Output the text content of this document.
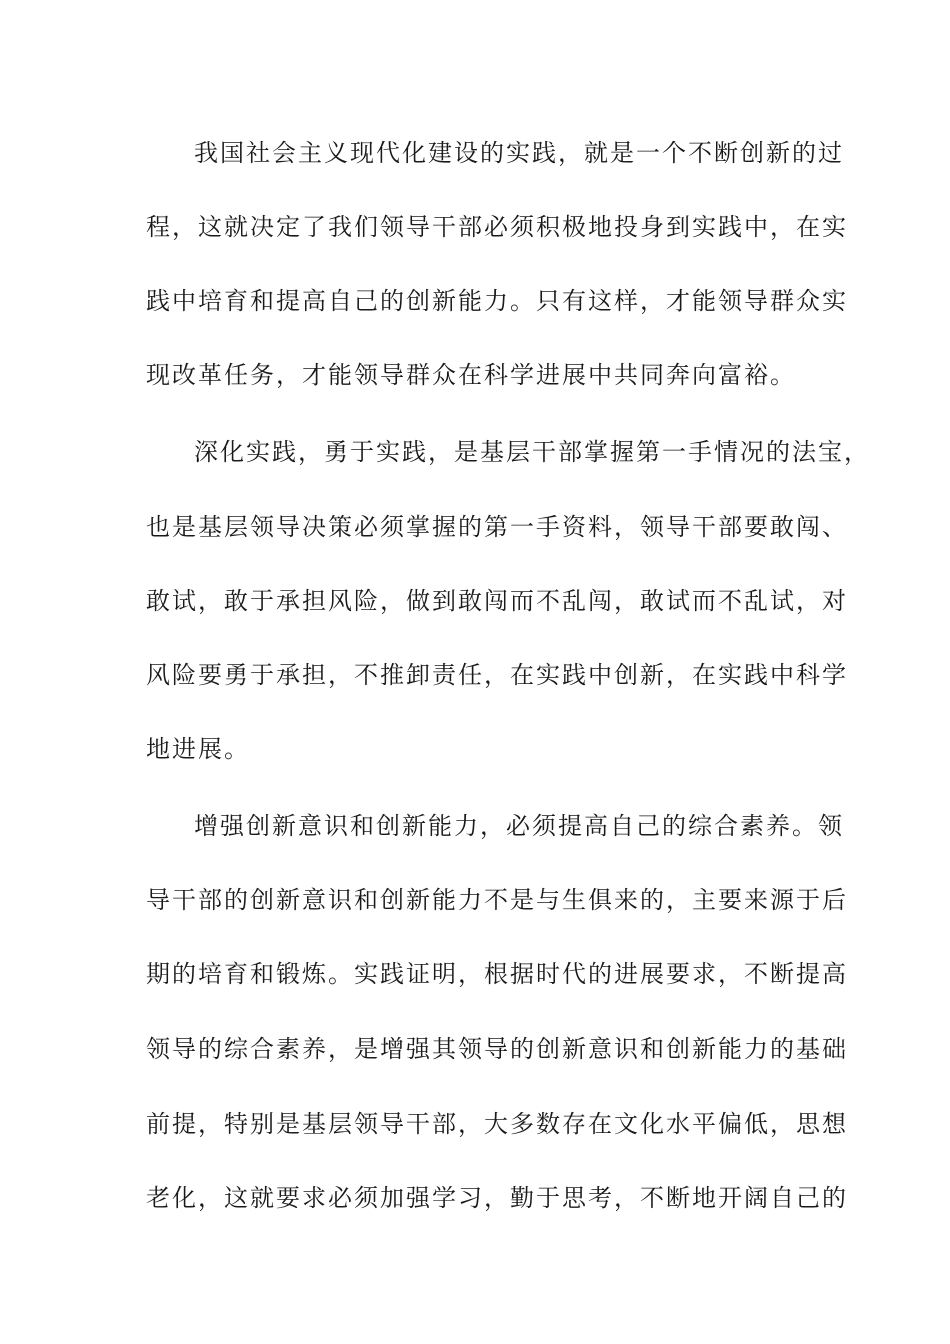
我国社会主义现代化建设的实践，就是一个不断创新的过
程，这就决定了我们领导干部必须积极地投身到实践中，在实
践中培育和提高自己的创新能力。只有这样，才能领导群众实
现改革任务，才能领导群众在科学进展中共同奔向富裕。
深化实践，勇于实践，是基层干部掌握第一手情况的法宝，
也是基层领导决策必须掌握的第一手资料，领导干部要敢闯、
敢试，敢于承担风险，做到敢闯而不乱闯，敢试而不乱试，对
风险要勇于承担，不推卸责任，在实践中创新，在实践中科学
地进展。
增强创新意识和创新能力，必须提高自己的综合素养。领
导干部的创新意识和创新能力不是与生俱来的，主要来源于后
期的培育和锻炼。实践证明，根据时代的进展要求，不断提高
领导的综合素养，是增强其领导的创新意识和创新能力的基础
前提，特别是基层领导干部，大多数存在文化水平偏低，思想
老化，这就要求必须加强学习，勤于思考，不断地开阔自己的
